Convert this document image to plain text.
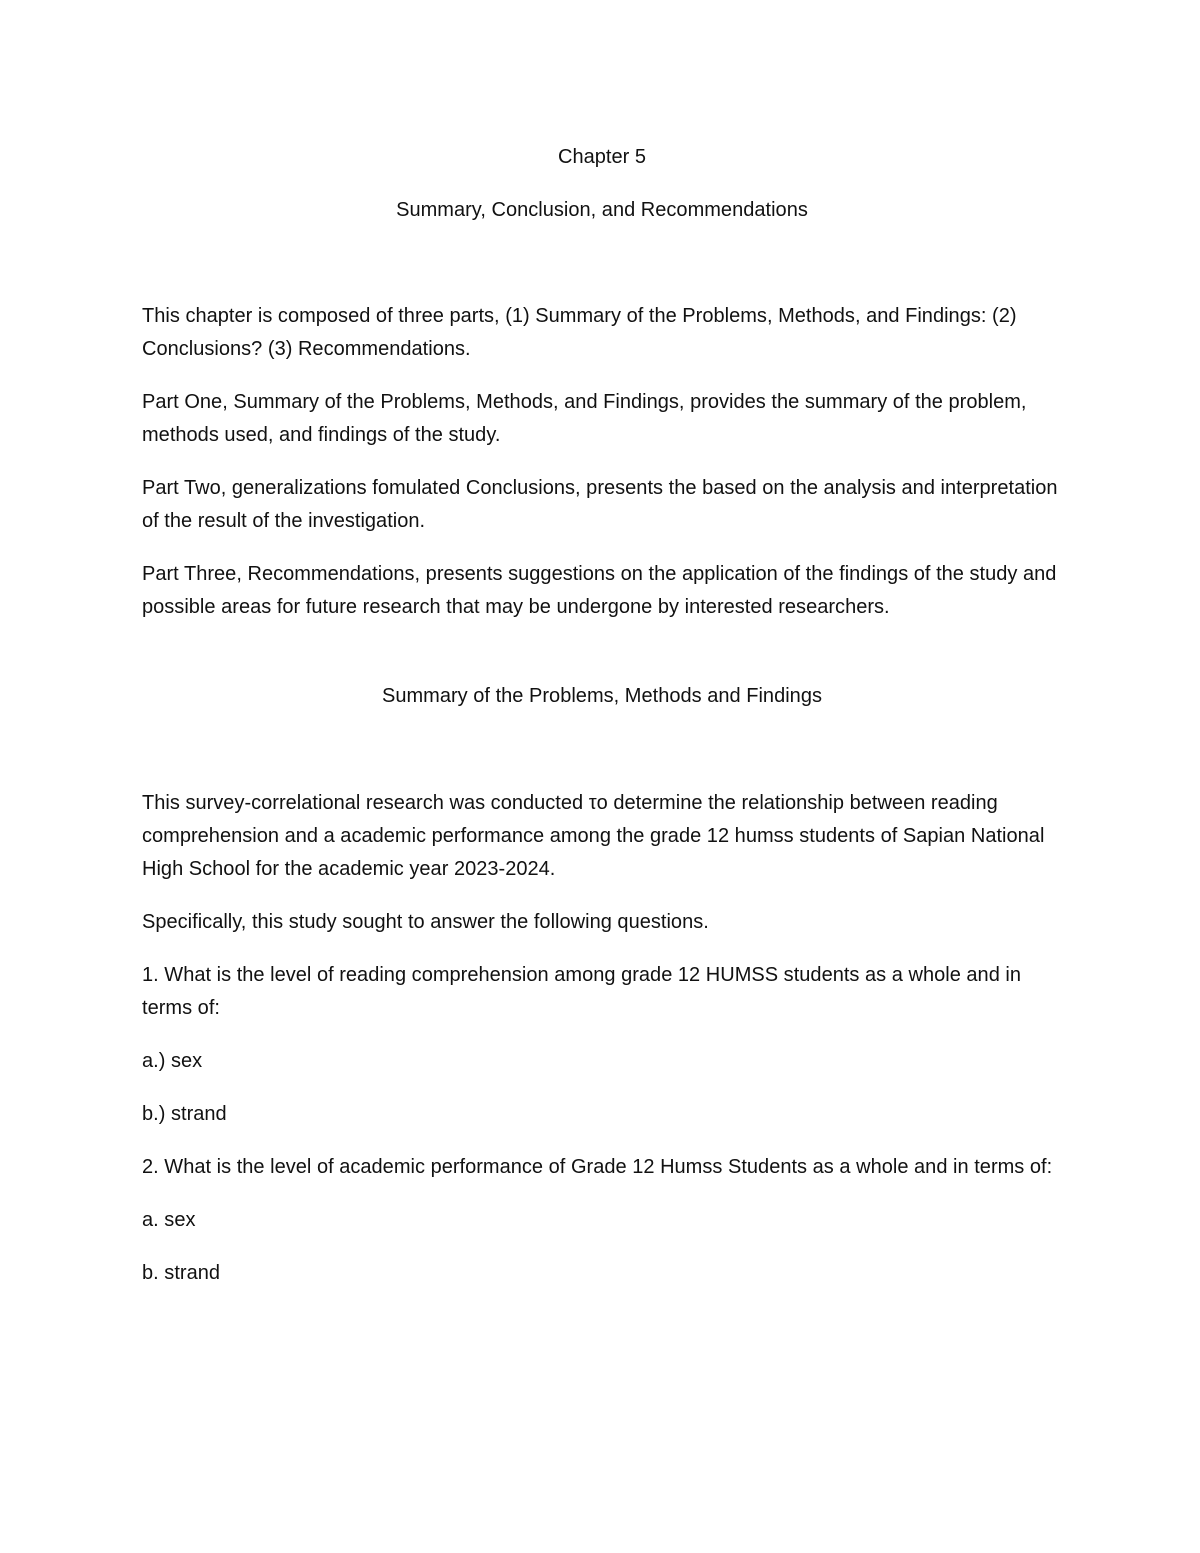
Chapter 5

Summary, Conclusion, and Recommendations

This chapter is composed of three parts, (1) Summary of the Problems, Methods, and Findings: (2) Conclusions? (3) Recommendations.

Part One, Summary of the Problems, Methods, and Findings, provides the summary of the problem, methods used, and findings of the study.

Part Two, generalizations fomulated Conclusions, presents the based on the analysis and interpretation of the result of the investigation.

Part Three, Recommendations, presents suggestions on the application of the findings of the study and possible areas for future research that may be undergone by interested researchers.

Summary of the Problems, Methods and Findings

This survey-correlational research was conducted τo determine the relationship between reading comprehension and a academic performance among the grade 12 humss students of Sapian National High School for the academic year 2023-2024.

Specifically, this study sought to answer the following questions.

1. What is the level of reading comprehension among grade 12 HUMSS students as a whole and in terms of:

a.) sex

b.) strand

2. What is the level of academic performance of Grade 12 Humss Students as a whole and in terms of:

a. sex

b. strand
